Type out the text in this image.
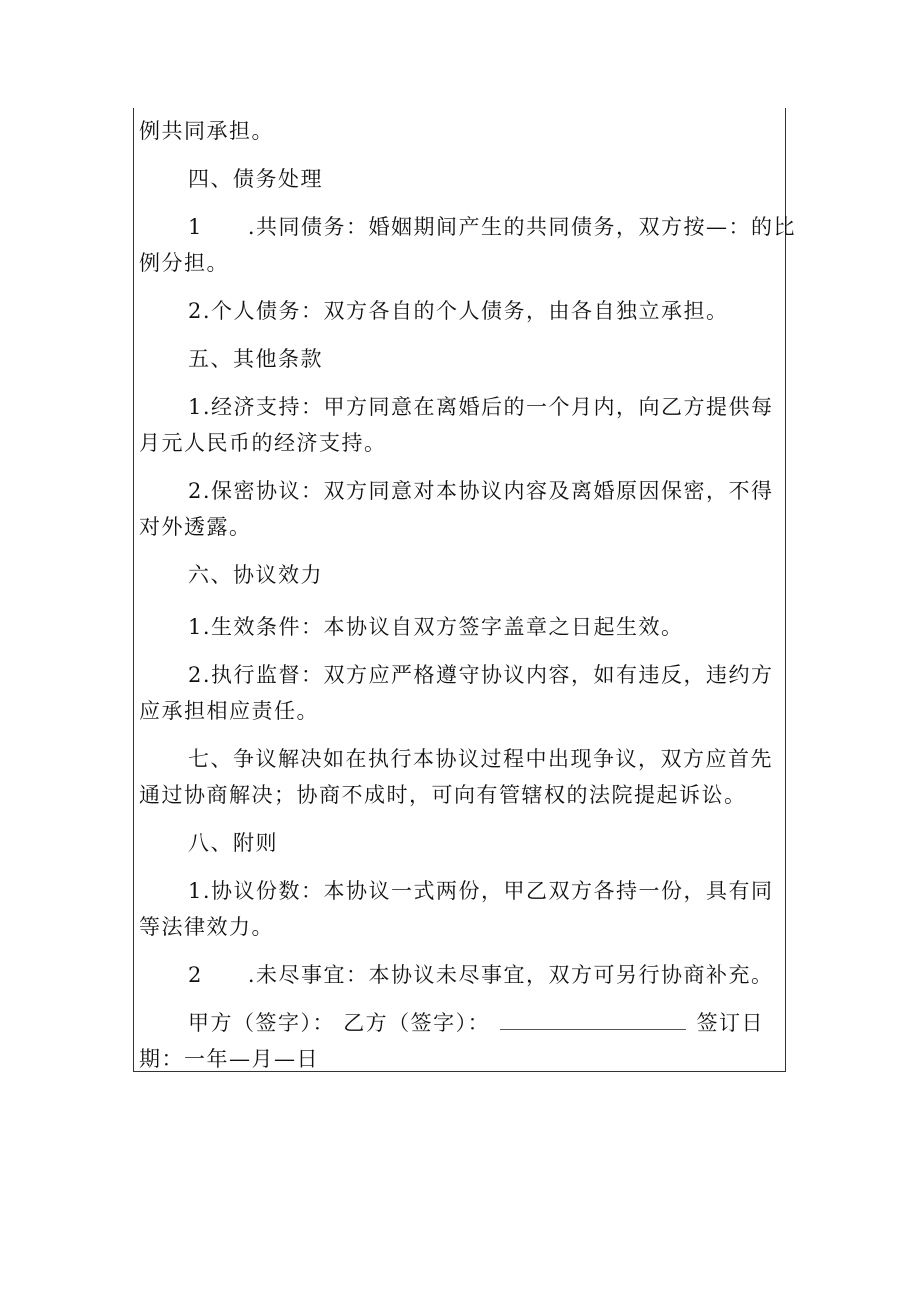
例共同承担。

四、债务处理

1　　.共同债务：婚姻期间产生的共同债务，双方按—：的比

例分担。

2.个人债务：双方各自的个人债务，由各自独立承担。

五、其他条款

1.经济支持：甲方同意在离婚后的一个月内，向乙方提供每

月元人民币的经济支持。

2.保密协议：双方同意对本协议内容及离婚原因保密，不得

对外透露。

六、协议效力

1.生效条件：本协议自双方签字盖章之日起生效。

2.执行监督：双方应严格遵守协议内容，如有违反，违约方

应承担相应责任。

七、争议解决如在执行本协议过程中出现争议，双方应首先

通过协商解决；协商不成时，可向有管辖权的法院提起诉讼。

八、附则

1.协议份数：本协议一式两份，甲乙双方各持一份，具有同

等法律效力。

2　　.未尽事宜：本协议未尽事宜，双方可另行协商补充。

甲方（签字）： 乙方（签字）：	签订日

期：一年—月—日
